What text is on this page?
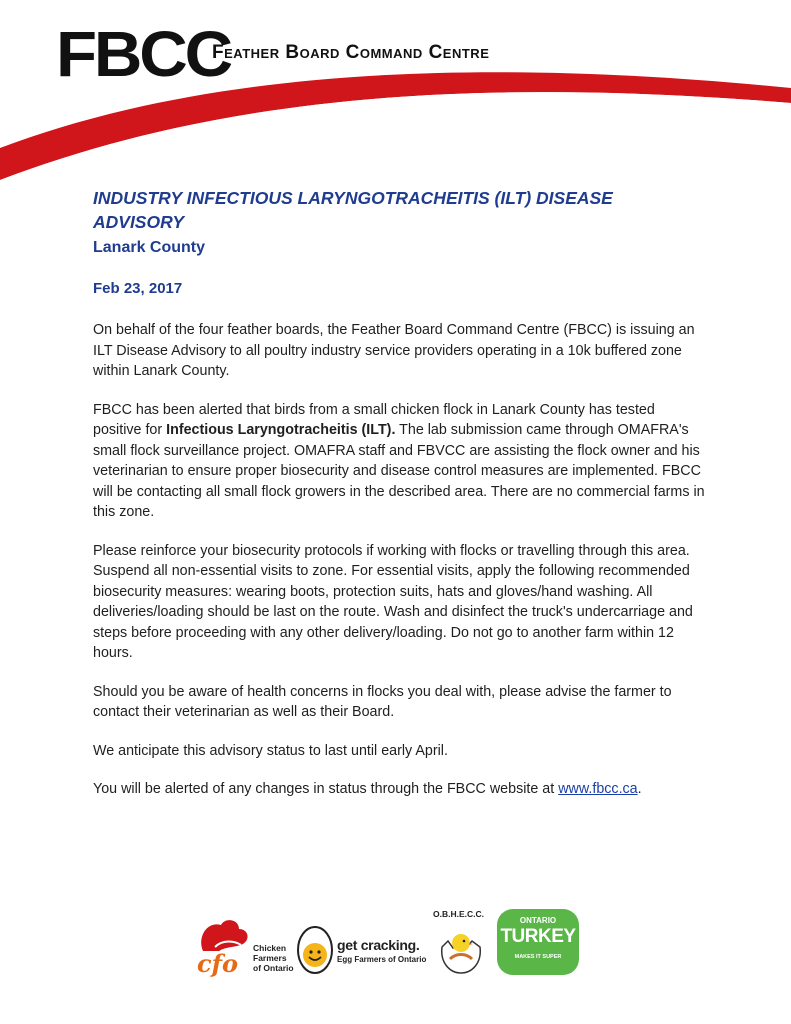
FBCC
Feather Board Command Centre

INDUSTRY INFECTIOUS LARYNGOTRACHEITIS (ILT) DISEASE ADVISORY

Lanark County

Feb 23, 2017

On behalf of the four feather boards, the Feather Board Command Centre (FBCC) is issuing an ILT Disease Advisory to all poultry industry service providers operating in a 10k buffered zone within Lanark County.

FBCC has been alerted that birds from a small chicken flock in Lanark County has tested positive for Infectious Laryngotracheitis (ILT). The lab submission came through OMAFRA's small flock surveillance project. OMAFRA staff and FBVCC are assisting the flock owner and his veterinarian to ensure proper biosecurity and disease control measures are implemented. FBCC will be contacting all small flock growers in the described area. There are no commercial farms in this zone.

Please reinforce your biosecurity protocols if working with flocks or travelling through this area. Suspend all non-essential visits to zone. For essential visits, apply the following recommended biosecurity measures: wearing boots, protection suits, hats and gloves/hand washing. All deliveries/loading should be last on the route. Wash and disinfect the truck's undercarriage and steps before proceeding with any other delivery/loading. Do not go to another farm within 12 hours.

Should you be aware of health concerns in flocks you deal with, please advise the farmer to contact their veterinarian as well as their Board.

We anticipate this advisory status to last until early April.

You will be alerted of any changes in status through the FBCC website at www.fbcc.ca.

cfo
Chicken
Farmers
of Ontario
get cracking.
Egg Farmers of Ontario
O.B.H.E.C.C.
ONTARIO
TURKEY
MAKES IT SUPER
